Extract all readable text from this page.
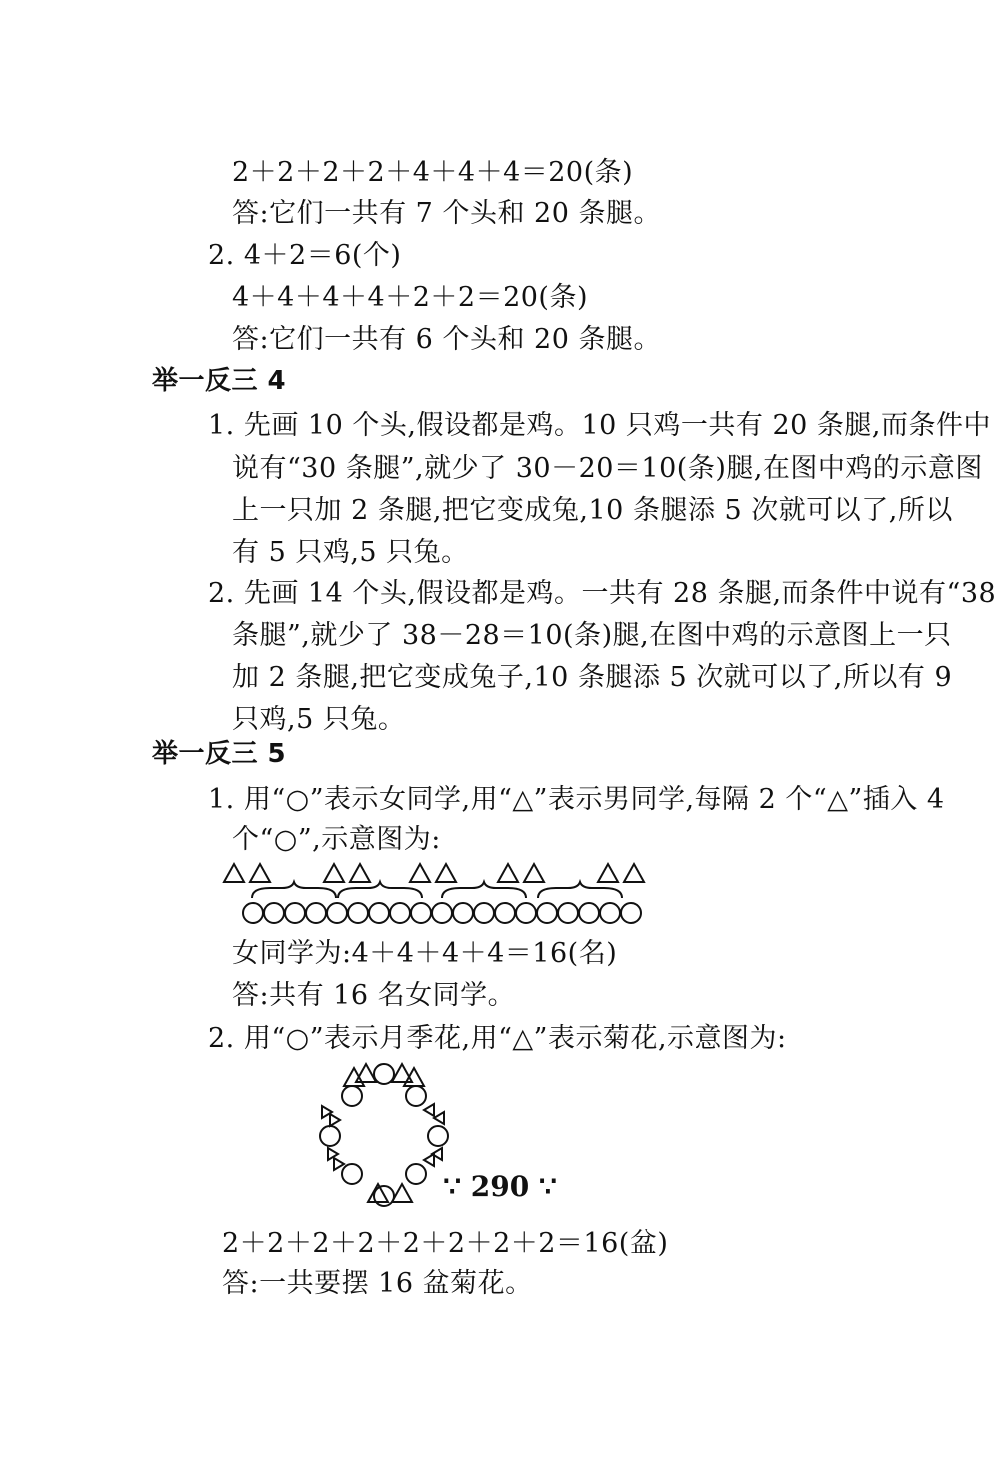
2＋2＋2＋2＋4＋4＋4＝20(条)
答:它们一共有 7 个头和 20 条腿。
2. 4＋2＝6(个)
4＋4＋4＋4＋2＋2＝20(条)
答:它们一共有 6 个头和 20 条腿。
举一反三 4
1. 先画 10 个头,假设都是鸡。10 只鸡一共有 20 条腿,而条件中
说有“30 条腿”,就少了 30－20＝10(条)腿,在图中鸡的示意图
上一只加 2 条腿,把它变成兔,10 条腿添 5 次就可以了,所以
有 5 只鸡,5 只兔。
2. 先画 14 个头,假设都是鸡。一共有 28 条腿,而条件中说有“38
条腿”,就少了 38－28＝10(条)腿,在图中鸡的示意图上一只
加 2 条腿,把它变成兔子,10 条腿添 5 次就可以了,所以有 9
只鸡,5 只兔。
举一反三 5
1. 用“○”表示女同学,用“△”表示男同学,每隔 2 个“△”插入 4
个“○”,示意图为:
女同学为:4＋4＋4＋4＝16(名)
答:共有 16 名女同学。
2. 用“○”表示月季花,用“△”表示菊花,示意图为:
2＋2＋2＋2＋2＋2＋2＋2＝16(盆)
答:一共要摆 16 盆菊花。
∵ 290 ∵
